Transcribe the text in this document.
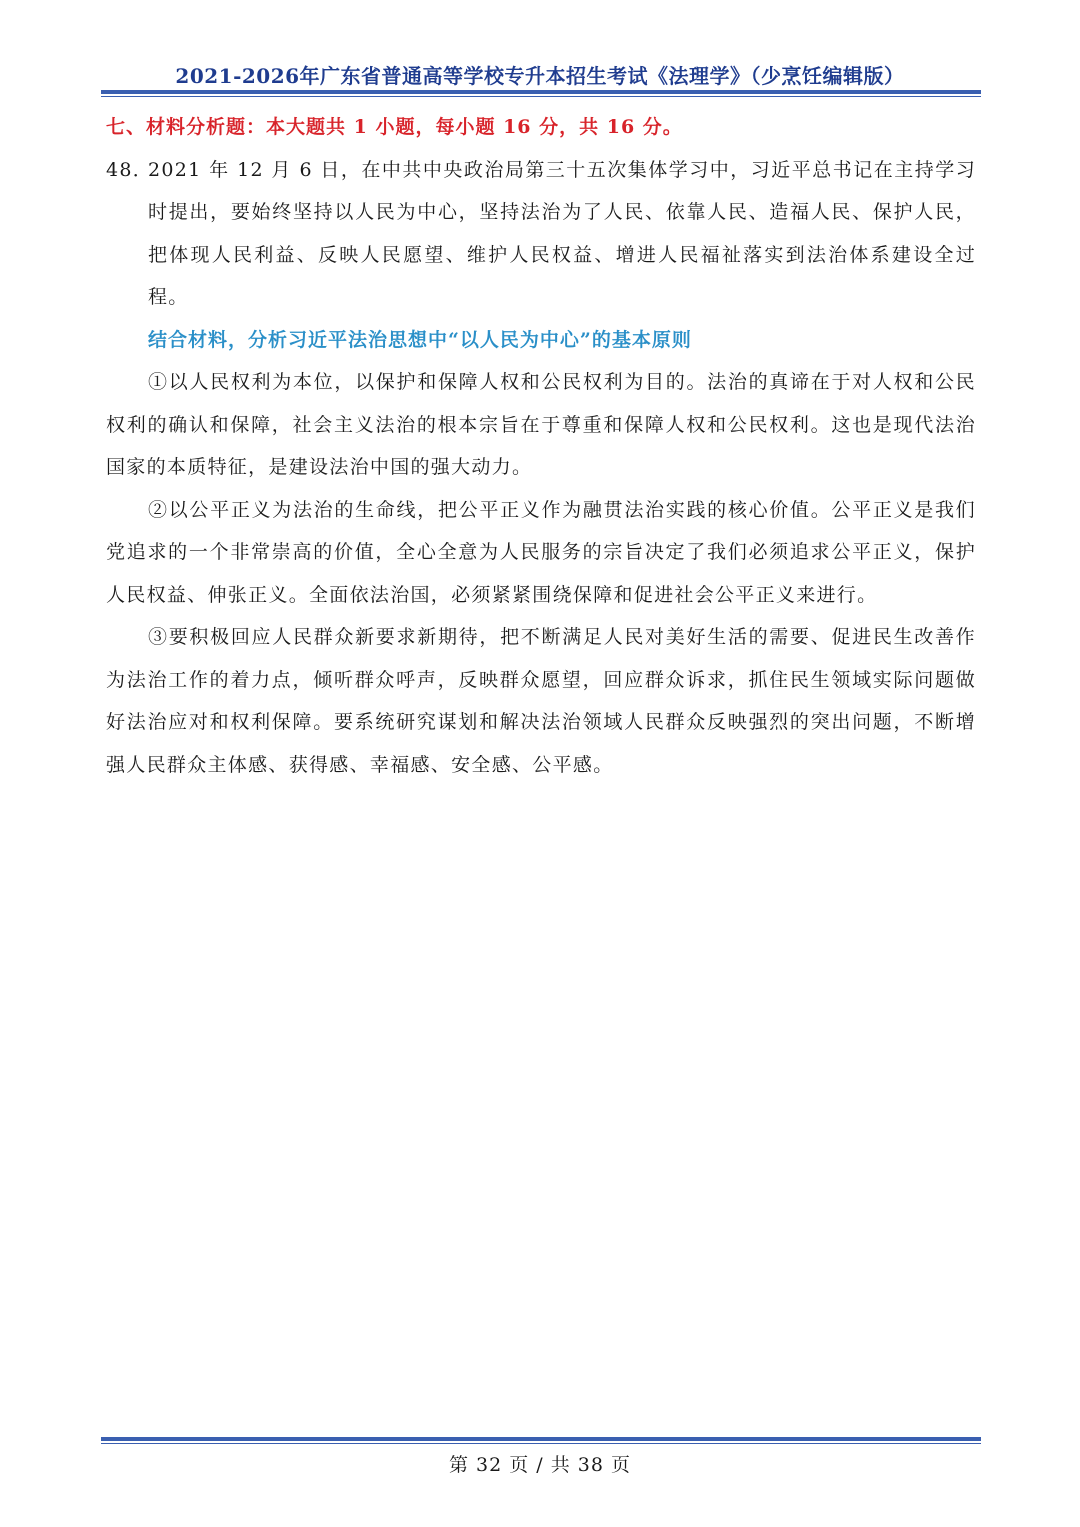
2021-2026年广东省普通高等学校专升本招生考试《法理学》（少烹饪编辑版）
七、材料分析题：本大题共 1 小题，每小题 16 分，共 16 分。
48．
2021 年 12 月 6 日，在中共中央政治局第三十五次集体学习中，习近平总书记在主持学习时提出，要始终坚持以人民为中心，坚持法治为了人民、依靠人民、造福人民、保护人民，把体现人民利益、反映人民愿望、维护人民权益、增进人民福祉落实到法治体系建设全过程。
结合材料，分析习近平法治思想中“以人民为中心”的基本原则
①以人民权利为本位，以保护和保障人权和公民权利为目的。法治的真谛在于对人权和公民权利的确认和保障，社会主义法治的根本宗旨在于尊重和保障人权和公民权利。这也是现代法治国家的本质特征，是建设法治中国的强大动力。
②以公平正义为法治的生命线，把公平正义作为融贯法治实践的核心价值。公平正义是我们党追求的一个非常崇高的价值，全心全意为人民服务的宗旨决定了我们必须追求公平正义，保护人民权益、伸张正义。全面依法治国，必须紧紧围绕保障和促进社会公平正义来进行。
③要积极回应人民群众新要求新期待，把不断满足人民对美好生活的需要、促进民生改善作为法治工作的着力点，倾听群众呼声，反映群众愿望，回应群众诉求，抓住民生领域实际问题做好法治应对和权利保障。要系统研究谋划和解决法治领域人民群众反映强烈的突出问题，不断增强人民群众主体感、获得感、幸福感、安全感、公平感。
第 32 页 / 共 38 页
